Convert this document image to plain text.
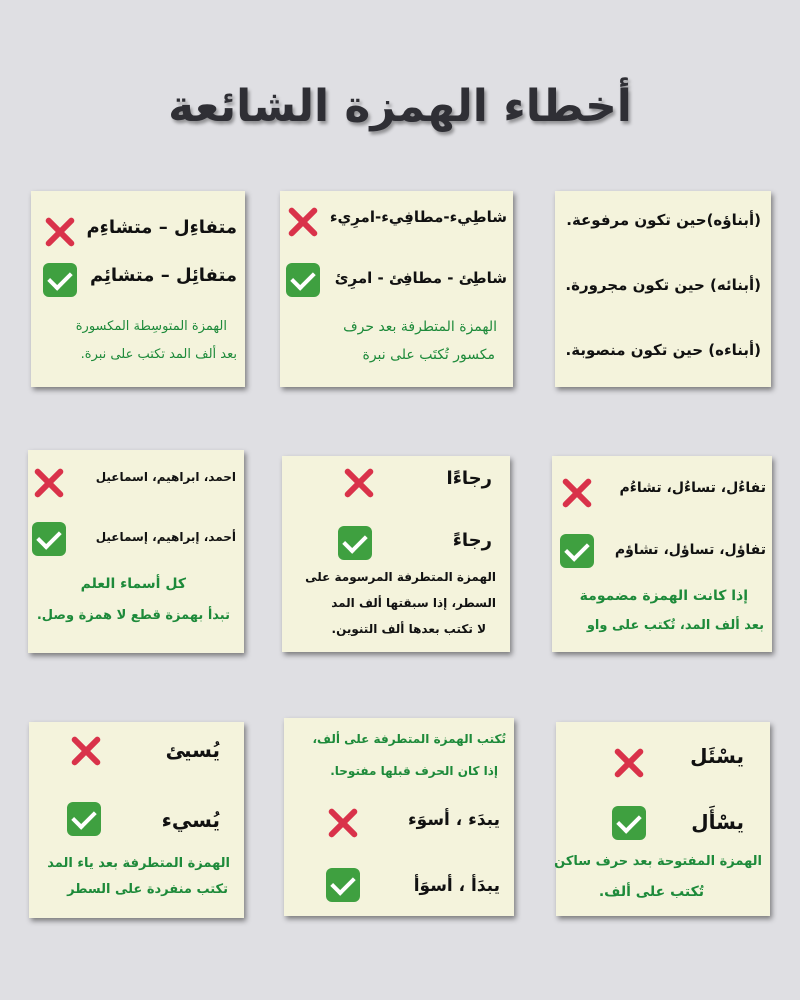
أخطاء الهمزة الشائعة
(أبناؤه)حين تكون مرفوعة.
(أبنائه) حين تكون مجرورة.
(أبناءه) حين تكون منصوبة.
شاطِيء-مطافِيء-امرِيء
شاطِئ - مطافِئ - امرِئ
الهمزة المتطرفة بعد حرف
مكسور تُكتَب على نبرة
متفاءِل – متشاءِم
متفائِل – متشائِم
الهمزة المتوسِطة المكسورة
بعد ألف المد تكتب على نبرة.
تفاءُل، تساءُل، تشاءُم
تفاؤل، تساؤل، تشاؤم
إذا كانت الهمزة مضمومة
بعد ألف المد، تُكتب على واو
رجاءًا
رجاءً
الهمزة المتطرفة المرسومة على
السطر، إذا سبقتها ألف المد
لا تكتب بعدها ألف التنوين.
احمد، ابراهيم، اسماعيل
أحمد، إبراهيم، إسماعيل
كل أسماء العلم
تبدأ بهمزة قطع لا همزة وصل.
يسْئَل
يسْأَل
الهمزة المفتوحة بعد حرف ساكن
تُكتب على ألف.
تُكتب الهمزة المتطرفة على ألف،
إذا كان الحرف قبلها مفتوحا.
يبدَء ، أسوَء
يبدَأ ، أسوَأ
يُسيئ
يُسيء
الهمزة المتطرفة بعد ياء المد
تكتب منفردة على السطر
